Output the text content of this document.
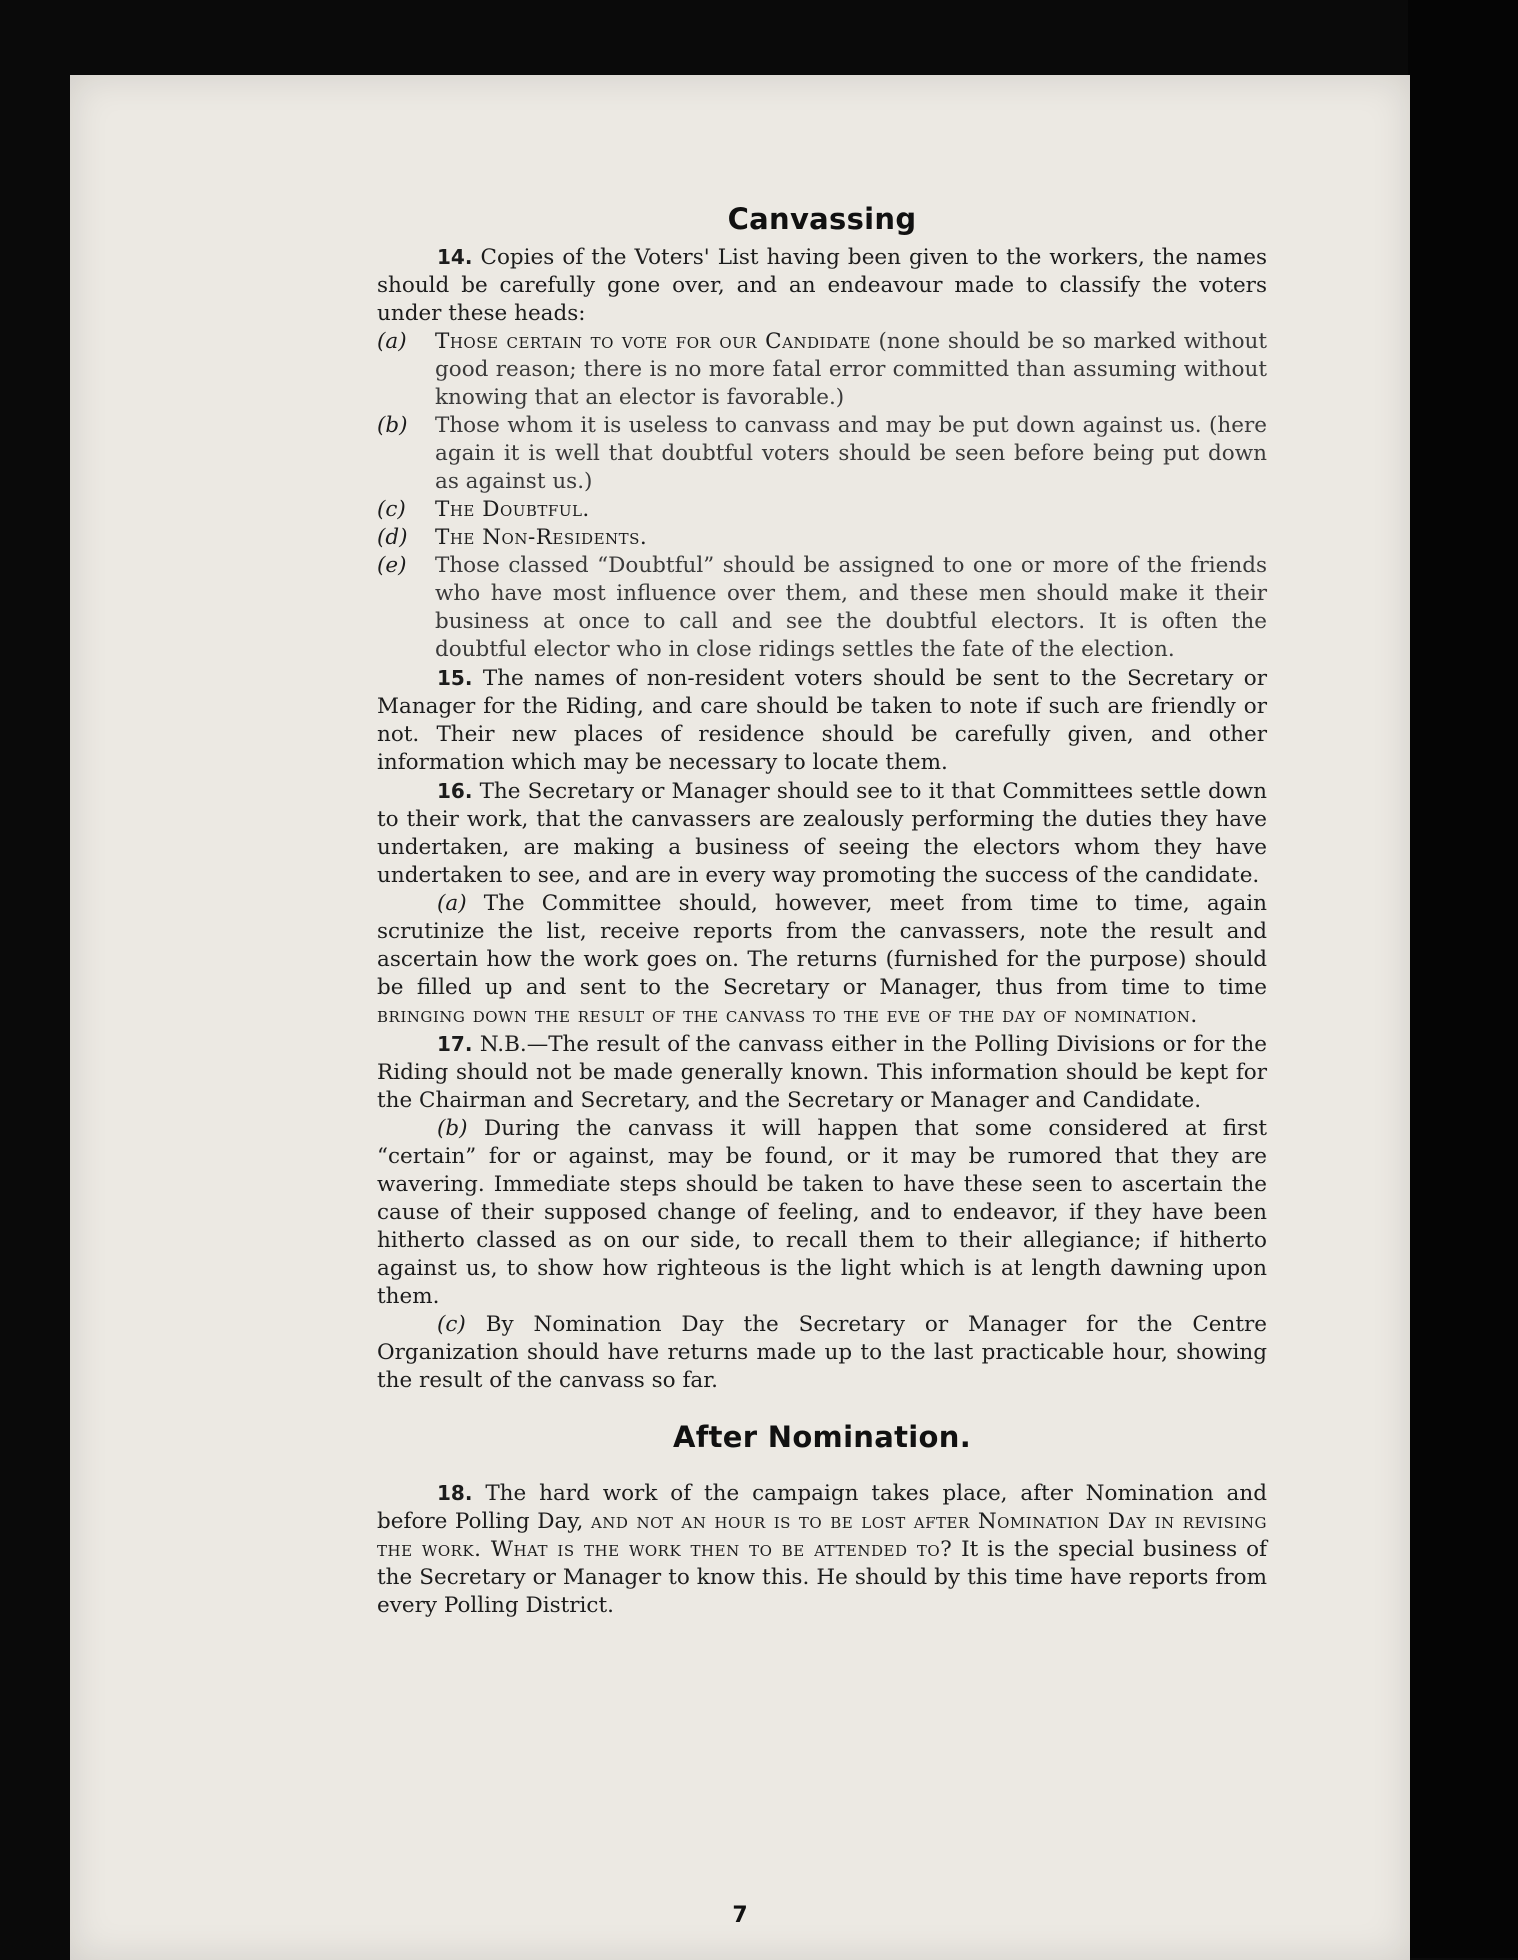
Canvassing

14. Copies of the Voters' List having been given to the workers, the names should be carefully gone over, and an endeavour made to classify the voters under these heads:

(a) Those certain to vote for our Candidate (none should be so marked without good reason; there is no more fatal error committed than assuming without knowing that an elector is favorable.)
(b) Those whom it is useless to canvass and may be put down against us. (here again it is well that doubtful voters should be seen before being put down as against us.)
(c) The Doubtful.
(d) The Non-Residents.
(e) Those classed “Doubtful” should be assigned to one or more of the friends who have most influence over them, and these men should make it their business at once to call and see the doubtful electors. It is often the doubtful elector who in close ridings settles the fate of the election.

15. The names of non-resident voters should be sent to the Secretary or Manager for the Riding, and care should be taken to note if such are friendly or not. Their new places of residence should be carefully given, and other information which may be necessary to locate them.

16. The Secretary or Manager should see to it that Committees settle down to their work, that the canvassers are zealously performing the duties they have undertaken, are making a business of seeing the electors whom they have undertaken to see, and are in every way promoting the success of the candidate.

(a) The Committee should, however, meet from time to time, again scrutinize the list, receive reports from the canvassers, note the result and ascertain how the work goes on. The returns (furnished for the purpose) should be filled up and sent to the Secretary or Manager, thus from time to time bringing down the result of the canvass to the eve of the day of nomination.

17. N.B.—The result of the canvass either in the Polling Divisions or for the Riding should not be made generally known. This information should be kept for the Chairman and Secretary, and the Secretary or Manager and Candidate.

(b) During the canvass it will happen that some considered at first “certain” for or against, may be found, or it may be rumored that they are wavering. Immediate steps should be taken to have these seen to ascertain the cause of their supposed change of feeling, and to endeavor, if they have been hitherto classed as on our side, to recall them to their allegiance; if hitherto against us, to show how righteous is the light which is at length dawning upon them.

(c) By Nomination Day the Secretary or Manager for the Centre Organization should have returns made up to the last practicable hour, showing the result of the canvass so far.

After Nomination.

18. The hard work of the campaign takes place, after Nomination and before Polling Day, and not an hour is to be lost after Nomination Day in revising the work. What is the work then to be attended to? It is the special business of the Secretary or Manager to know this. He should by this time have reports from every Polling District.

7
